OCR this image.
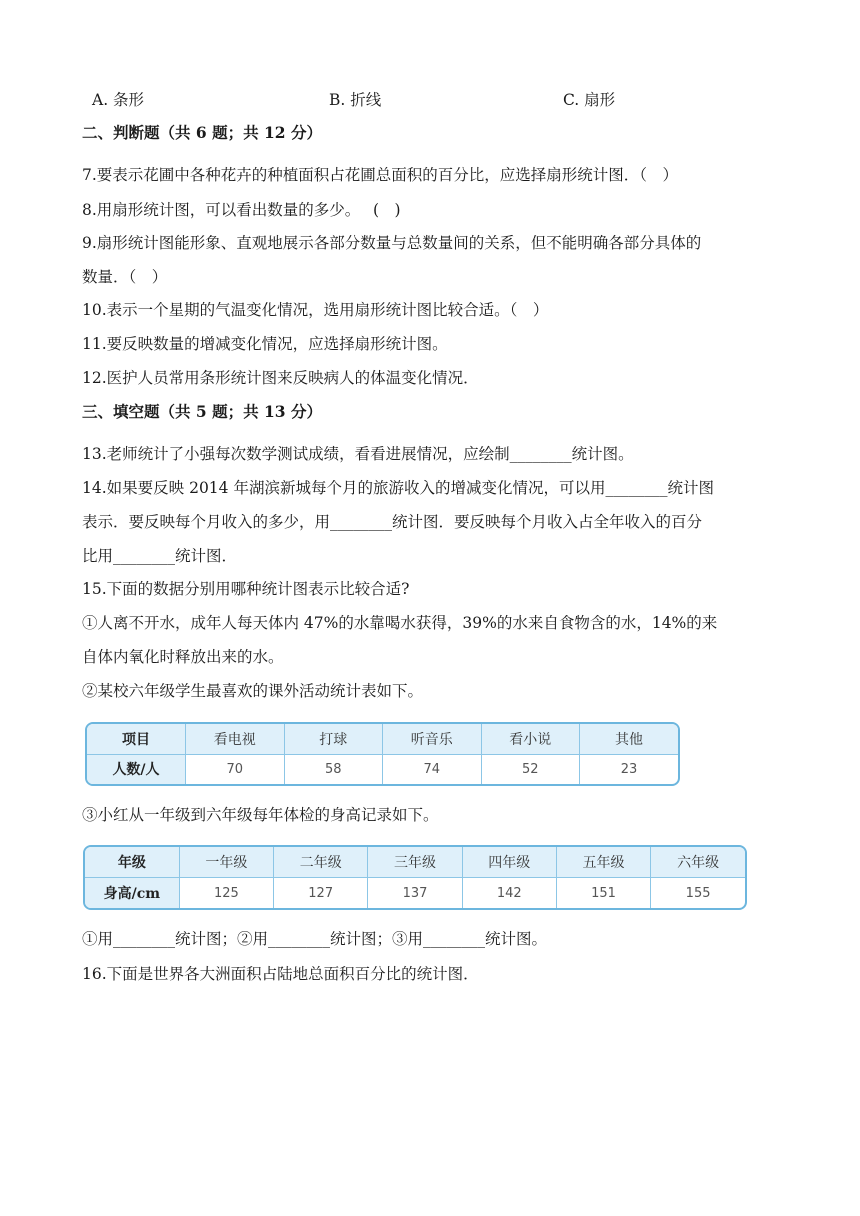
A. 条形	B. 折线	C. 扇形
二、判断题（共 6 题；共 12 分）
7.要表示花圃中各种花卉的种植面积占花圃总面积的百分比，应选择扇形统计图．（　）
8.用扇形统计图，可以看出数量的多少。　 (　)
9.扇形统计图能形象、直观地展示各部分数量与总数量间的关系，但不能明确各部分具体的
数量．（　）
10.表示一个星期的气温变化情况，选用扇形统计图比较合适。（　）
11.要反映数量的增减变化情况，应选择扇形统计图。
12.医护人员常用条形统计图来反映病人的体温变化情况．
三、填空题（共 5 题；共 13 分）
13.老师统计了小强每次数学测试成绩，看看进展情况，应绘制________统计图。
14.如果要反映 2014 年湖滨新城每个月的旅游收入的增减变化情况，可以用________统计图
表示．要反映每个月收入的多少，用________统计图．要反映每个月收入占全年收入的百分
比用________统计图．
15.下面的数据分别用哪种统计图表示比较合适?
①人离不开水，成年人每天体内 47%的水靠喝水获得，39%的水来自食物含的水，14%的来
自体内氧化时释放出来的水。
②某校六年级学生最喜欢的课外活动统计表如下。
项目	看电视	打球	听音乐	看小说	其他
人数/人	70	58	74	52	23
③小红从一年级到六年级每年体检的身高记录如下。
年级	一年级	二年级	三年级	四年级	五年级	六年级
身高/cm	125	127	137	142	151	155
①用________统计图；②用________统计图；③用________统计图。
16.下面是世界各大洲面积占陆地总面积百分比的统计图．
